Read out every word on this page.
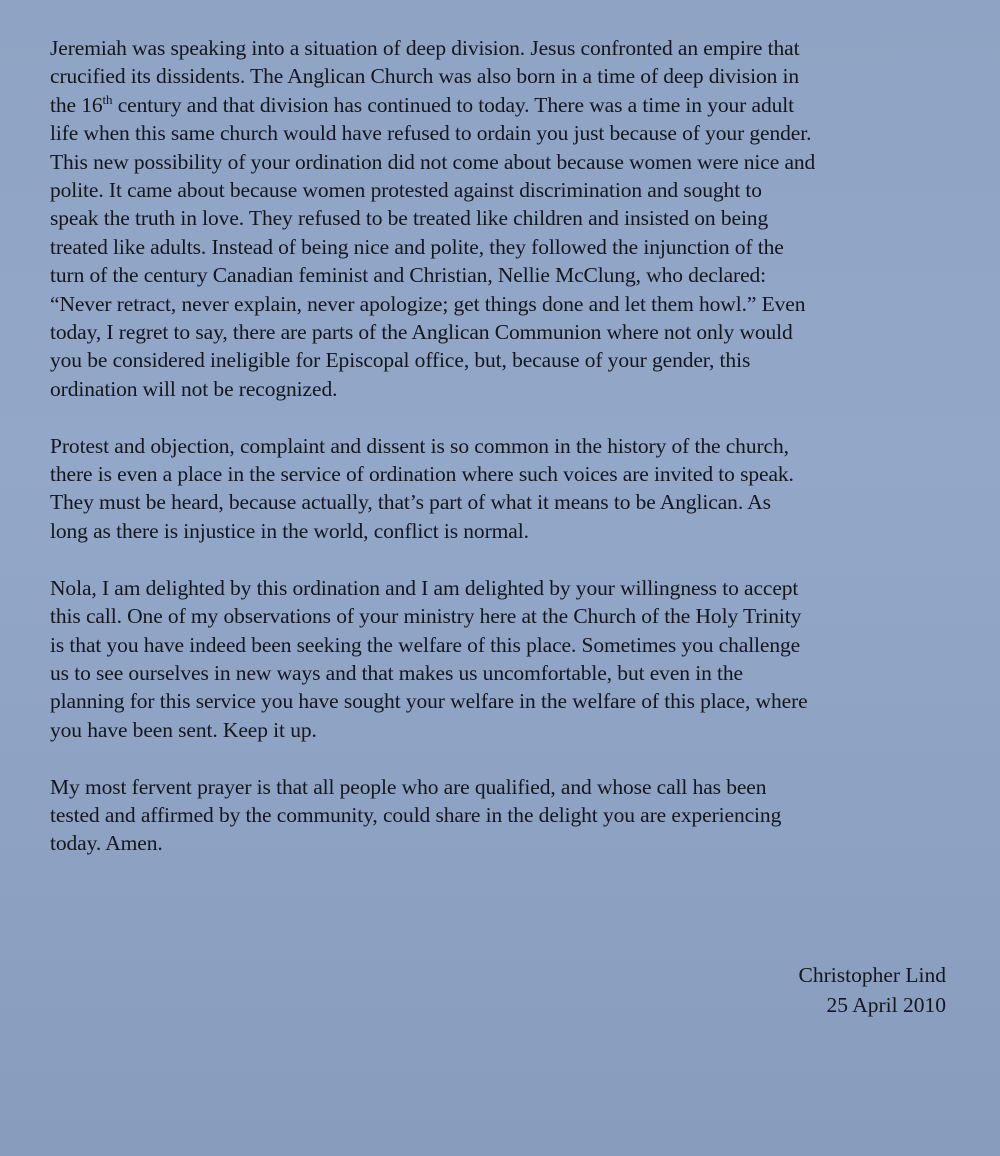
Jeremiah was speaking into a situation of deep division. Jesus confronted an empire that
crucified its dissidents. The Anglican Church was also born in a time of deep division in
the 16th century and that division has continued to today. There was a time in your adult
life when this same church would have refused to ordain you just because of your gender.
This new possibility of your ordination did not come about because women were nice and
polite. It came about because women protested against discrimination and sought to
speak the truth in love. They refused to be treated like children and insisted on being
treated like adults. Instead of being nice and polite, they followed the injunction of the
turn of the century Canadian feminist and Christian, Nellie McClung, who declared:
“Never retract, never explain, never apologize; get things done and let them howl.” Even
today, I regret to say, there are parts of the Anglican Communion where not only would
you be considered ineligible for Episcopal office, but, because of your gender, this
ordination will not be recognized.
Protest and objection, complaint and dissent is so common in the history of the church,
there is even a place in the service of ordination where such voices are invited to speak.
They must be heard, because actually, that’s part of what it means to be Anglican. As
long as there is injustice in the world, conflict is normal.
Nola, I am delighted by this ordination and I am delighted by your willingness to accept
this call. One of my observations of your ministry here at the Church of the Holy Trinity
is that you have indeed been seeking the welfare of this place. Sometimes you challenge
us to see ourselves in new ways and that makes us uncomfortable, but even in the
planning for this service you have sought your welfare in the welfare of this place, where
you have been sent. Keep it up.
My most fervent prayer is that all people who are qualified, and whose call has been
tested and affirmed by the community, could share in the delight you are experiencing
today. Amen.
Christopher Lind
25 April 2010
